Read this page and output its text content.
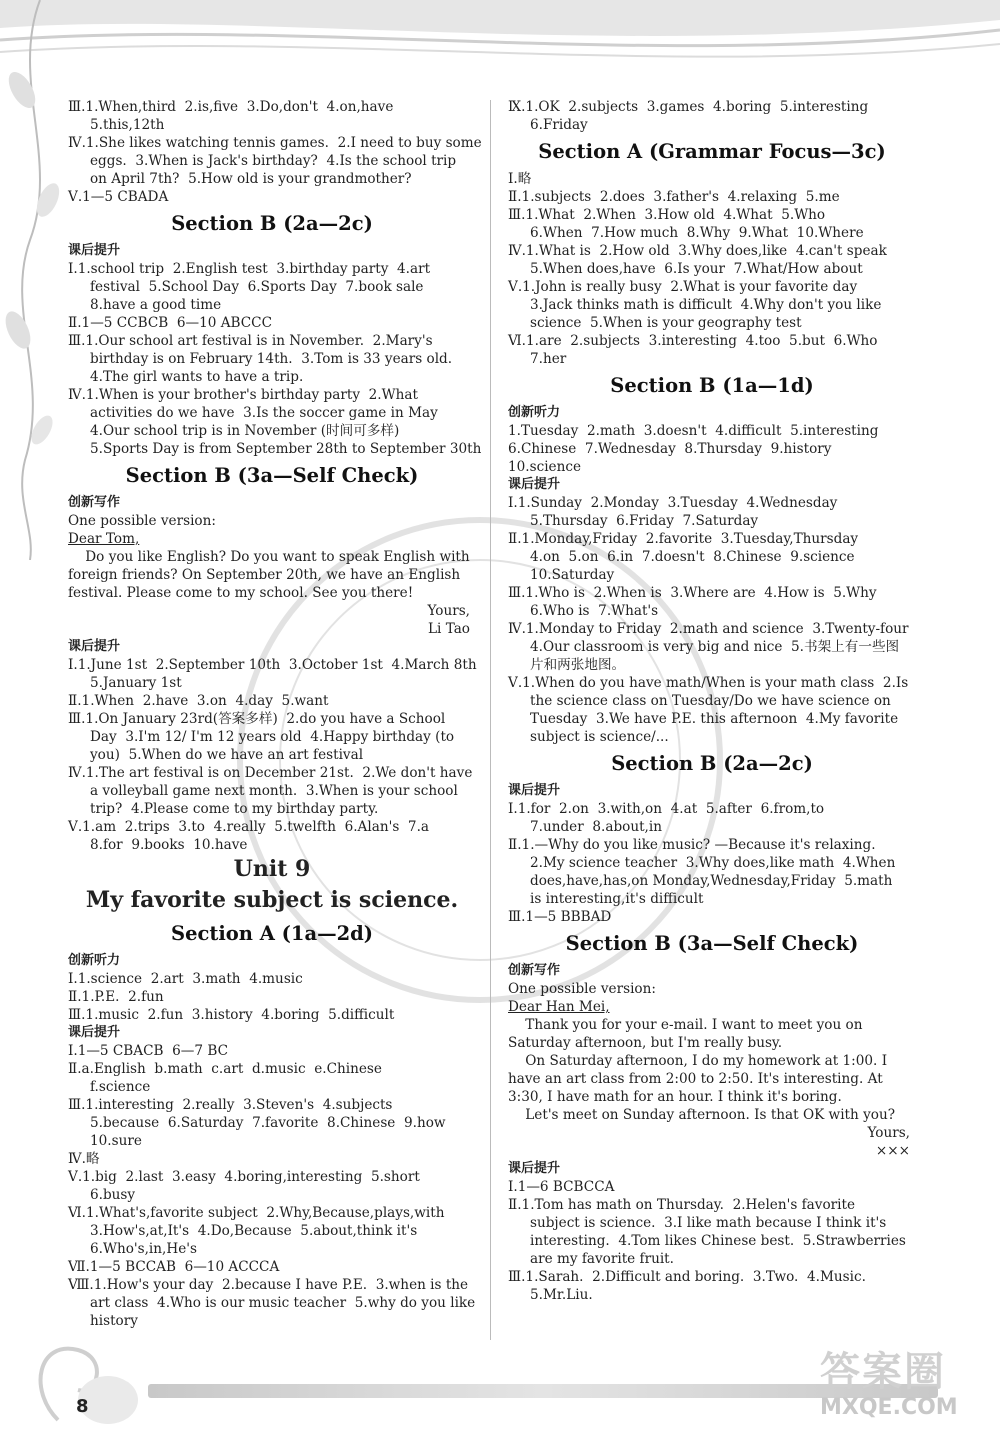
Ⅲ.1.When,third  2.is,five  3.Do,don't  4.on,have
5.this,12th
Ⅳ.1.She likes watching tennis games.  2.I need to buy some
eggs.  3.When is Jack's birthday?  4.Is the school trip
on April 7th?  5.How old is your grandmother?
Ⅴ.1—5 CBADA
Section B (2a—2c)
课后提升
Ⅰ.1.school trip  2.English test  3.birthday party  4.art
festival  5.School Day  6.Sports Day  7.book sale
8.have a good time
Ⅱ.1—5 CCBCB  6—10 ABCCC
Ⅲ.1.Our school art festival is in November.  2.Mary's
birthday is on February 14th.  3.Tom is 33 years old.
4.The girl wants to have a trip.
Ⅳ.1.When is your brother's birthday party  2.What
activities do we have  3.Is the soccer game in May
4.Our school trip is in November (时间可多样)
5.Sports Day is from September 28th to September 30th
Section B (3a—Self Check)
创新写作
One possible version:
Dear Tom,
Do you like English? Do you want to speak English with
foreign friends? On September 20th, we have an English
festival. Please come to my school. See you there!
Yours,
Li Tao
课后提升
Ⅰ.1.June 1st  2.September 10th  3.October 1st  4.March 8th
5.January 1st
Ⅱ.1.When  2.have  3.on  4.day  5.want
Ⅲ.1.On January 23rd(答案多样)  2.do you have a School
Day  3.I'm 12/ I'm 12 years old  4.Happy birthday (to
you)  5.When do we have an art festival
Ⅳ.1.The art festival is on December 21st.  2.We don't have
a volleyball game next month.  3.When is your school
trip?  4.Please come to my birthday party.
Ⅴ.1.am  2.trips  3.to  4.really  5.twelfth  6.Alan's  7.a
8.for  9.books  10.have
Unit 9
My favorite subject is science.
Section A (1a—2d)
创新听力
Ⅰ.1.science  2.art  3.math  4.music
Ⅱ.1.P.E.  2.fun
Ⅲ.1.music  2.fun  3.history  4.boring  5.difficult
课后提升
Ⅰ.1—5 CBACB  6—7 BC
Ⅱ.a.English  b.math  c.art  d.music  e.Chinese
f.science
Ⅲ.1.interesting  2.really  3.Steven's  4.subjects
5.because  6.Saturday  7.favorite  8.Chinese  9.how
10.sure
Ⅳ.略
Ⅴ.1.big  2.last  3.easy  4.boring,interesting  5.short
6.busy
Ⅵ.1.What's,favorite subject  2.Why,Because,plays,with
3.How's,at,It's  4.Do,Because  5.about,think it's
6.Who's,in,He's
Ⅶ.1—5 BCCAB  6—10 ACCCA
Ⅷ.1.How's your day  2.because I have P.E.  3.when is the
art class  4.Who is our music teacher  5.why do you like
history
Ⅸ.1.OK  2.subjects  3.games  4.boring  5.interesting
6.Friday
Section A (Grammar Focus—3c)
Ⅰ.略
Ⅱ.1.subjects  2.does  3.father's  4.relaxing  5.me
Ⅲ.1.What  2.When  3.How old  4.What  5.Who
6.When  7.How much  8.Why  9.What  10.Where
Ⅳ.1.What is  2.How old  3.Why does,like  4.can't speak
5.When does,have  6.Is your  7.What/How about
Ⅴ.1.John is really busy  2.What is your favorite day
3.Jack thinks math is difficult  4.Why don't you like
science  5.When is your geography test
Ⅵ.1.are  2.subjects  3.interesting  4.too  5.but  6.Who
7.her
Section B (1a—1d)
创新听力
1.Tuesday  2.math  3.doesn't  4.difficult  5.interesting
6.Chinese  7.Wednesday  8.Thursday  9.history
10.science
课后提升
Ⅰ.1.Sunday  2.Monday  3.Tuesday  4.Wednesday
5.Thursday  6.Friday  7.Saturday
Ⅱ.1.Monday,Friday  2.favorite  3.Tuesday,Thursday
4.on  5.on  6.in  7.doesn't  8.Chinese  9.science
10.Saturday
Ⅲ.1.Who is  2.When is  3.Where are  4.How is  5.Why
6.Who is  7.What's
Ⅳ.1.Monday to Friday  2.math and science  3.Twenty-four
4.Our classroom is very big and nice  5.书架上有一些图
片和两张地图。
Ⅴ.1.When do you have math/When is your math class  2.Is
the science class on Tuesday/Do we have science on
Tuesday  3.We have P.E. this afternoon  4.My favorite
subject is science/...
Section B (2a—2c)
课后提升
Ⅰ.1.for  2.on  3.with,on  4.at  5.after  6.from,to
7.under  8.about,in
Ⅱ.1.—Why do you like music? —Because it's relaxing.
2.My science teacher  3.Why does,like math  4.When
does,have,has,on Monday,Wednesday,Friday  5.math
is interesting,it's difficult
Ⅲ.1—5 BBBAD
Section B (3a—Self Check)
创新写作
One possible version:
Dear Han Mei,
Thank you for your e-mail. I want to meet you on
Saturday afternoon, but I'm really busy.
On Saturday afternoon, I do my homework at 1:00. I
have an art class from 2:00 to 2:50. It's interesting. At
3:30, I have math for an hour. I think it's boring.
Let's meet on Sunday afternoon. Is that OK with you?
Yours,
×××
课后提升
Ⅰ.1—6 BCBCCA
Ⅱ.1.Tom has math on Thursday.  2.Helen's favorite
subject is science.  3.I like math because I think it's
interesting.  4.Tom likes Chinese best.  5.Strawberries
are my favorite fruit.
Ⅲ.1.Sarah.  2.Difficult and boring.  3.Two.  4.Music.
5.Mr.Liu.
8
答案圈
MXQE.COM
